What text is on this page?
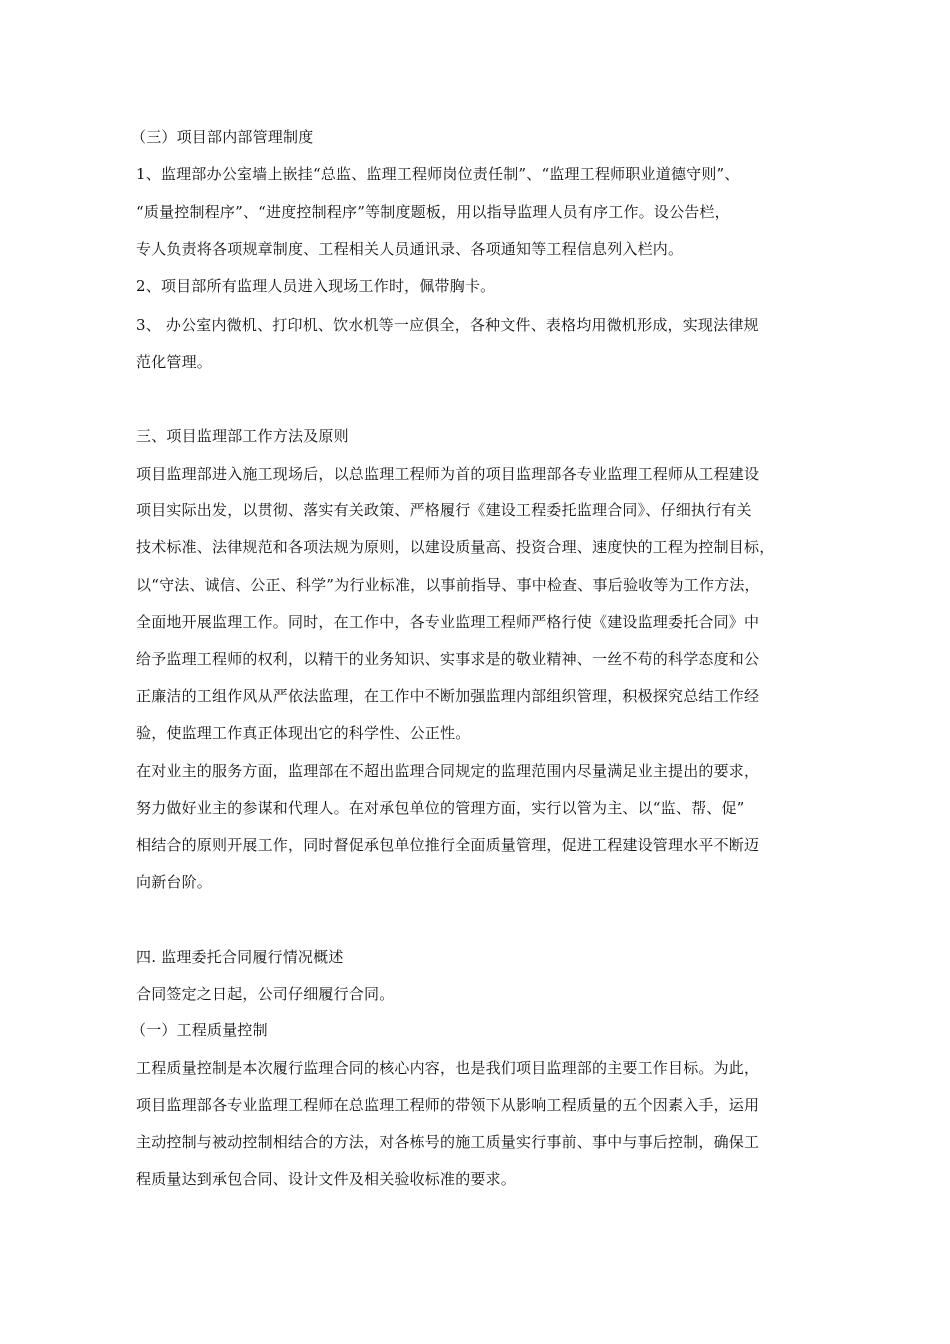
（三）项目部内部管理制度
1、监理部办公室墙上嵌挂“总监、监理工程师岗位责任制”、“监理工程师职业道德守则”、
“质量控制程序”、“进度控制程序”等制度题板，用以指导监理人员有序工作。设公告栏，
专人负责将各项规章制度、工程相关人员通讯录、各项通知等工程信息列入栏内。
2、项目部所有监理人员进入现场工作时，佩带胸卡。
3、 办公室内微机、打印机、饮水机等一应俱全，各种文件、表格均用微机形成，实现法律规
范化管理。
三、项目监理部工作方法及原则
项目监理部进入施工现场后，以总监理工程师为首的项目监理部各专业监理工程师从工程建设
项目实际出发，以贯彻、落实有关政策、严格履行《建设工程委托监理合同》、仔细执行有关
技术标准、法律规范和各项法规为原则，以建设质量高、投资合理、速度快的工程为控制目标，
以“守法、诚信、公正、科学”为行业标准，以事前指导、事中检查、事后验收等为工作方法，
全面地开展监理工作。同时，在工作中，各专业监理工程师严格行使《建设监理委托合同》中
给予监理工程师的权利，以精干的业务知识、实事求是的敬业精神、一丝不苟的科学态度和公
正廉洁的工组作风从严依法监理，在工作中不断加强监理内部组织管理，积极探究总结工作经
验，使监理工作真正体现出它的科学性、公正性。
在对业主的服务方面，监理部在不超出监理合同规定的监理范围内尽量满足业主提出的要求，
努力做好业主的参谋和代理人。在对承包单位的管理方面，实行以管为主、以“监、帮、促”
相结合的原则开展工作，同时督促承包单位推行全面质量管理，促进工程建设管理水平不断迈
向新台阶。
四. 监理委托合同履行情况概述
合同签定之日起，公司仔细履行合同。
（一）工程质量控制
工程质量控制是本次履行监理合同的核心内容，也是我们项目监理部的主要工作目标。为此，
项目监理部各专业监理工程师在总监理工程师的带领下从影响工程质量的五个因素入手，运用
主动控制与被动控制相结合的方法，对各栋号的施工质量实行事前、事中与事后控制，确保工
程质量达到承包合同、设计文件及相关验收标准的要求。
